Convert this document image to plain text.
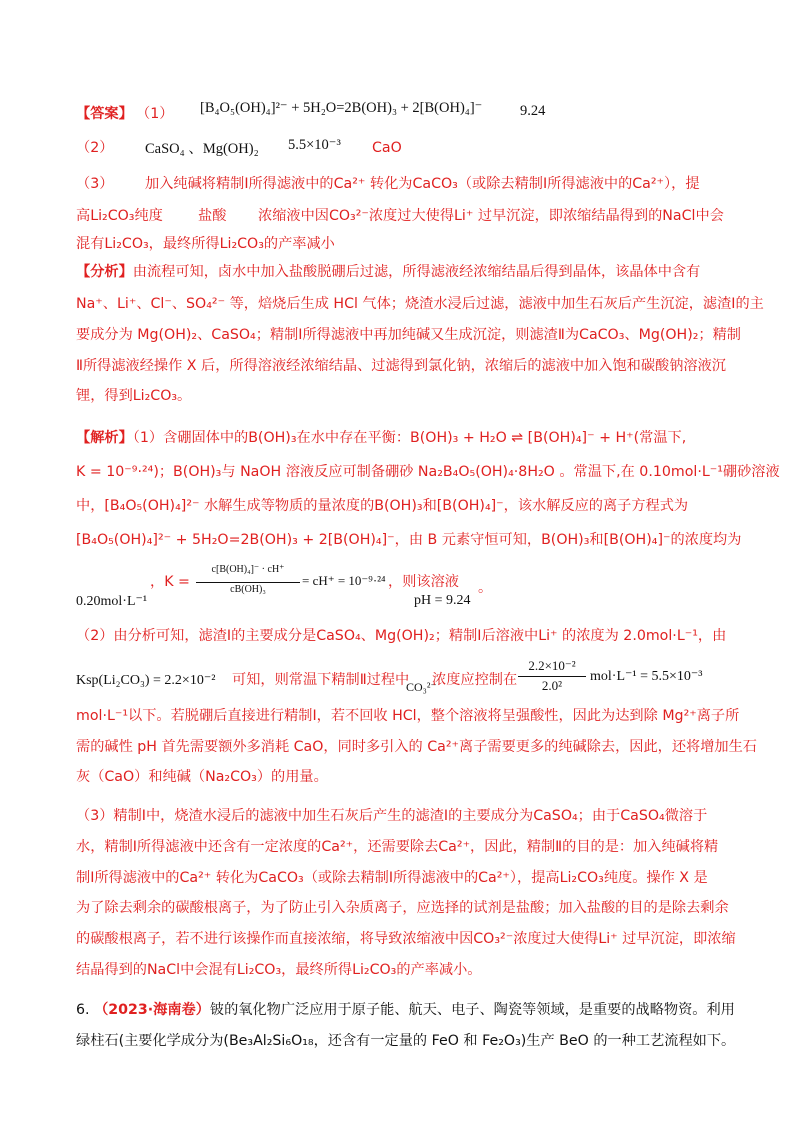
【答案】 （1） [B₄O₅(OH)₄]²⁻ + 5H₂O=2B(OH)₃ + 2[B(OH)₄]⁻	9.24
（2） CaSO₄ 、Mg(OH)₂ 5.5×10⁻³ CaO
（3） 加入纯碱将精制Ⅰ所得滤液中的Ca²⁺ 转化为CaCO₃（或除去精制Ⅰ所得滤液中的Ca²⁺），提
高Li₂CO₃纯度 盐酸 浓缩液中因CO₃²⁻浓度过大使得Li⁺ 过早沉淀，即浓缩结晶得到的NaCl中会
混有Li₂CO₃，最终所得Li₂CO₃的产率减小
【分析】由流程可知，卤水中加入盐酸脱硼后过滤，所得滤液经浓缩结晶后得到晶体，该晶体中含有
Na⁺、Li⁺、Cl⁻、SO₄²⁻ 等，焙烧后生成 HCl 气体；烧渣水浸后过滤，滤液中加生石灰后产生沉淀，滤渣Ⅰ的主
要成分为 Mg(OH)₂、CaSO₄；精制Ⅰ所得滤液中再加纯碱又生成沉淀，则滤渣Ⅱ为CaCO₃、Mg(OH)₂；精制
Ⅱ所得滤液经操作 X 后，所得溶液经浓缩结晶、过滤得到氯化钠，浓缩后的滤液中加入饱和碳酸钠溶液沉
锂，得到Li₂CO₃。
【解析】（1）含硼固体中的B(OH)₃在水中存在平衡：B(OH)₃ + H₂O ⇌ [B(OH)₄]⁻ + H⁺(常温下,
K = 10⁻⁹·²⁴)；B(OH)₃与 NaOH 溶液反应可制备硼砂 Na₂B₄O₅(OH)₄·8H₂O 。常温下,在 0.10mol·L⁻¹硼砂溶液
中，[B₄O₅(OH)₄]²⁻ 水解生成等物质的量浓度的B(OH)₃和[B(OH)₄]⁻，该水解反应的离子方程式为
[B₄O₅(OH)₄]²⁻ + 5H₂O=2B(OH)₃ + 2[B(OH)₄]⁻，由 B 元素守恒可知，B(OH)₃和[B(OH)₄]⁻的浓度均为
0.20mol·L⁻¹
，K =
c[B(OH)₄]⁻ · cH⁺
cB(OH)₃
= cH⁺ = 10⁻⁹·²⁴ ，则该溶液
pH = 9.24
。
（2）由分析可知，滤渣Ⅰ的主要成分是CaSO₄、Mg(OH)₂；精制Ⅰ后溶液中Li⁺ 的浓度为 2.0mol·L⁻¹，由
Ksp(Li₂CO₃) = 2.2×10⁻² 可知，则常温下精制Ⅱ过程中
CO₃²⁻
浓度应控制在
2.2×10⁻²
2.0²
mol·L⁻¹ = 5.5×10⁻³
mol·L⁻¹以下。若脱硼后直接进行精制Ⅰ，若不回收 HCl，整个溶液将呈强酸性，因此为达到除 Mg²⁺离子所
需的碱性 pH 首先需要额外多消耗 CaO，同时多引入的 Ca²⁺离子需要更多的纯碱除去，因此，还将增加生石
灰（CaO）和纯碱（Na₂CO₃）的用量。
（3）精制Ⅰ中，烧渣水浸后的滤液中加生石灰后产生的滤渣Ⅰ的主要成分为CaSO₄；由于CaSO₄微溶于
水，精制Ⅰ所得滤液中还含有一定浓度的Ca²⁺，还需要除去Ca²⁺，因此，精制Ⅱ的目的是：加入纯碱将精
制Ⅰ所得滤液中的Ca²⁺ 转化为CaCO₃（或除去精制Ⅰ所得滤液中的Ca²⁺），提高Li₂CO₃纯度。操作 X 是
为了除去剩余的碳酸根离子，为了防止引入杂质离子，应选择的试剂是盐酸；加入盐酸的目的是除去剩余
的碳酸根离子，若不进行该操作而直接浓缩，将导致浓缩液中因CO₃²⁻浓度过大使得Li⁺ 过早沉淀，即浓缩
结晶得到的NaCl中会混有Li₂CO₃，最终所得Li₂CO₃的产率减小。
6. （2023·海南卷）铍的氧化物广泛应用于原子能、航天、电子、陶瓷等领域，是重要的战略物资。利用
绿柱石(主要化学成分为(Be₃Al₂Si₆O₁₈，还含有一定量的 FeO 和 Fe₂O₃)生产 BeO 的一种工艺流程如下。
